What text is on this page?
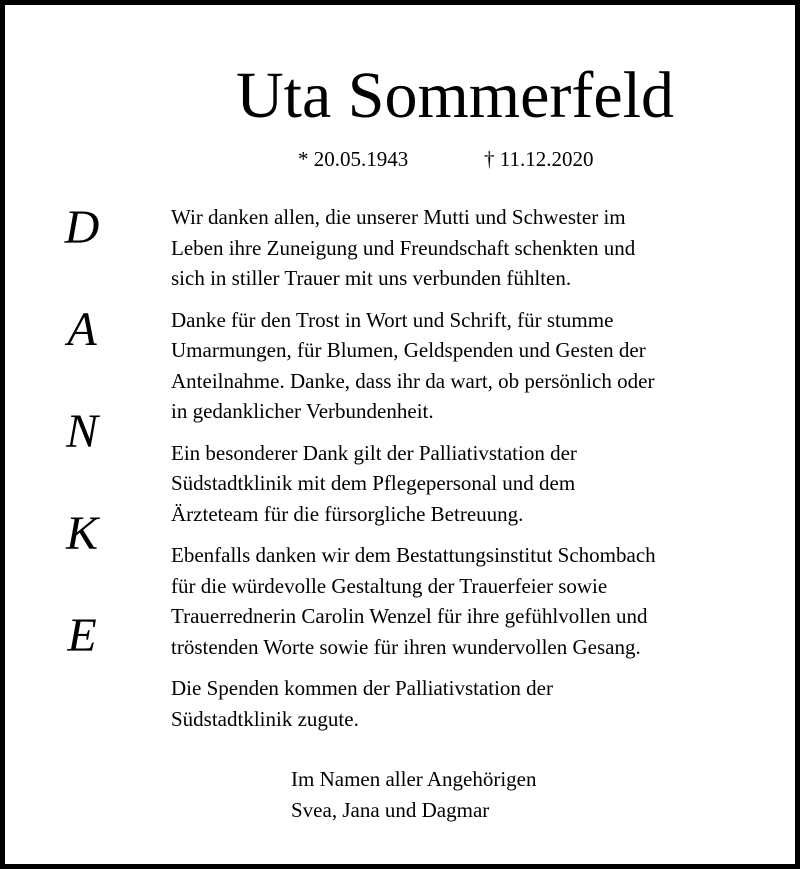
Uta Sommerfeld
* 20.05.1943	† 11.12.2020
D
A
N
K
E

Wir danken allen, die unserer Mutti und Schwester im
Leben ihre Zuneigung und Freundschaft schenkten und
sich in stiller Trauer mit uns verbunden fühlten.

Danke für den Trost in Wort und Schrift, für stumme
Umarmungen, für Blumen, Geldspenden und Gesten der
Anteilnahme. Danke, dass ihr da wart, ob persönlich oder
in gedanklicher Verbundenheit.

Ein besonderer Dank gilt der Palliativstation der
Südstadtklinik mit dem Pflegepersonal und dem
Ärzteteam für die fürsorgliche Betreuung.

Ebenfalls danken wir dem Bestattungsinstitut Schombach
für die würdevolle Gestaltung der Trauerfeier sowie
Trauerrednerin Carolin Wenzel für ihre gefühlvollen und
tröstenden Worte sowie für ihren wundervollen Gesang.

Die Spenden kommen der Palliativstation der
Südstadtklinik zugute.

Im Namen aller Angehörigen
Svea, Jana und Dagmar
